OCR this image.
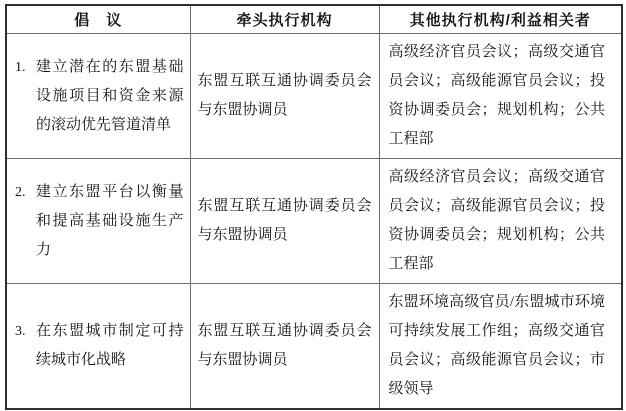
倡　议	牵头执行机构	其他执行机构/利益相关者

1. 建立潜在的东盟基础设施项目和资金来源的滚动优先管道清单	东盟互联互通协调委员会与东盟协调员	高级经济官员会议；高级交通官员会议；高级能源官员会议；投资协调委员会；规划机构；公共工程部

2. 建立东盟平台以衡量和提高基础设施生产力	东盟互联互通协调委员会与东盟协调员	高级经济官员会议；高级交通官员会议；高级能源官员会议；投资协调委员会；规划机构；公共工程部

3. 在东盟城市制定可持续城市化战略	东盟互联互通协调委员会与东盟协调员	东盟环境高级官员/东盟城市环境可持续发展工作组；高级交通官员会议；高级能源官员会议；市级领导
